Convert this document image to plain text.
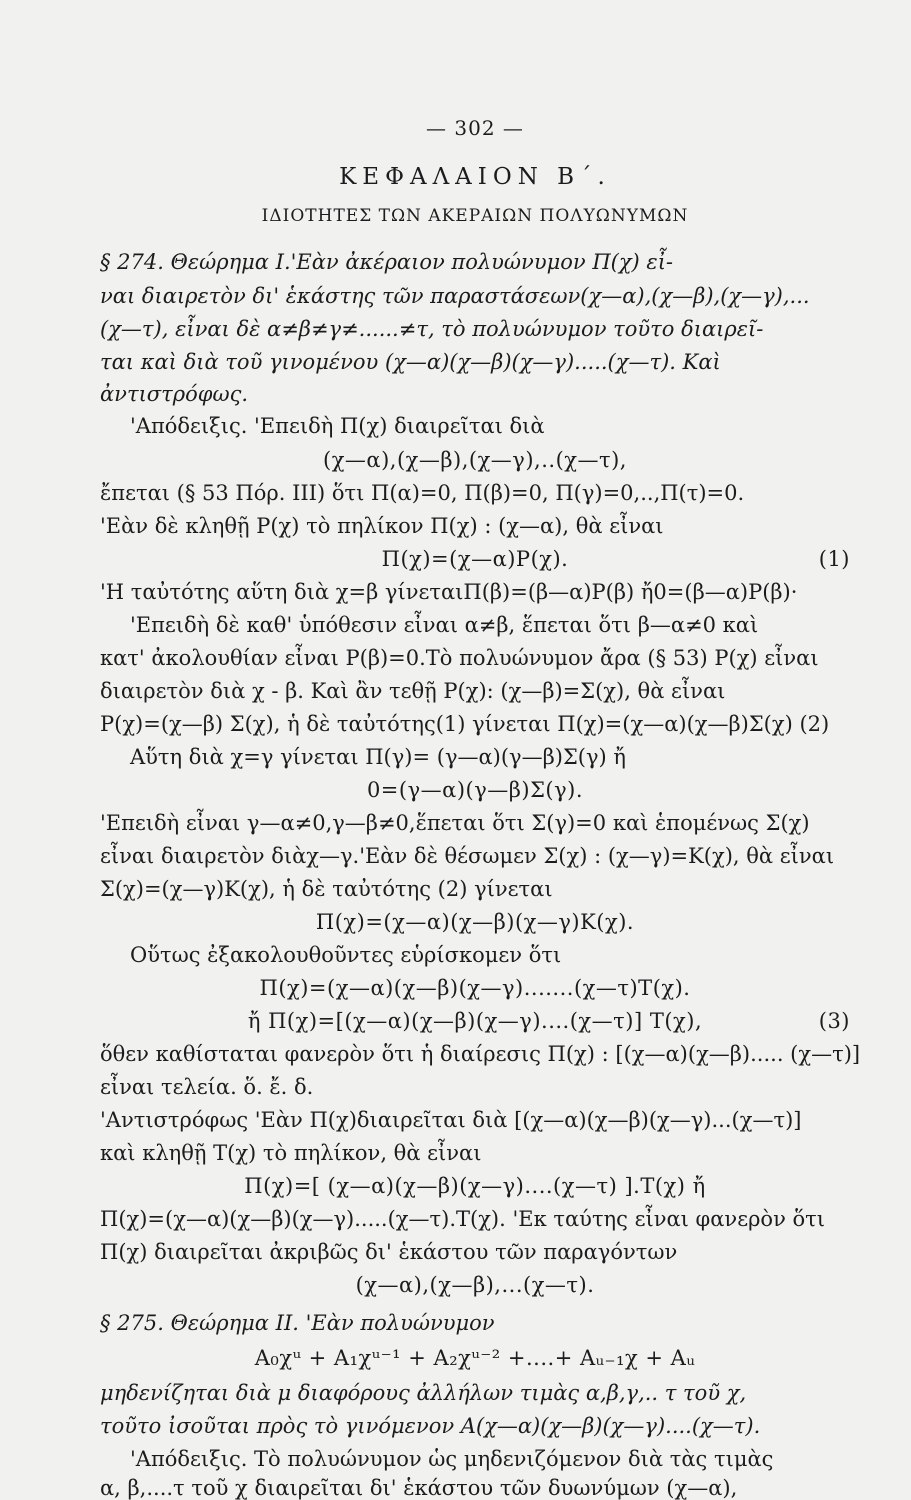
— 302 —
ΚΕΦΑΛΑΙΟΝ Β΄.
ΙΔΙΟΤΗΤΕΣ ΤΩΝ ΑΚΕΡΑΙΩΝ ΠΟΛΥΩΝΥΜΩΝ
§ 274. Θεώρημα Ι.'Εὰν ἀκέραιον πολυώνυμον Π(χ) εἶ-
ναι διαιρετὸν δι' ἑκάστης τῶν παραστάσεων(χ—α),(χ—β),(χ—γ),...
(χ—τ), εἶναι δὲ α≠β≠γ≠......≠τ, τὸ πολυώνυμον τοῦτο διαιρεῖ-
ται καὶ διὰ τοῦ γινομένου (χ—α)(χ—β)(χ—γ).....(χ—τ). Καὶ
ἀντιστρόφως.
'Απόδειξις. 'Επειδὴ Π(χ) διαιρεῖται διὰ
(χ—α),(χ—β),(χ—γ),..(χ—τ),
ἔπεται (§ 53 Πόρ. ΙΙΙ) ὅτι Π(α)=0, Π(β)=0, Π(γ)=0,..,Π(τ)=0.
'Εὰν δὲ κληθῇ Ρ(χ) τὸ πηλίκον Π(χ) : (χ—α), θὰ εἶναι
Π(χ)=(χ—α)Ρ(χ).	(1)
'Η ταὐτότης αὕτη διὰ χ=β γίνεταιΠ(β)=(β—α)Ρ(β) ἤ0=(β—α)Ρ(β)·
'Επειδὴ δὲ καθ' ὑπόθεσιν εἶναι α≠β, ἕπεται ὅτι β—α≠0 καὶ
κατ' ἀκολουθίαν εἶναι Ρ(β)=0.Τὸ πολυώνυμον ἄρα (§ 53) Ρ(χ) εἶναι
διαιρετὸν διὰ χ - β. Καὶ ἂν τεθῇ Ρ(χ): (χ—β)=Σ(χ), θὰ εἶναι
Ρ(χ)=(χ—β) Σ(χ), ἡ δὲ ταὐτότης(1) γίνεται Π(χ)=(χ—α)(χ—β)Σ(χ) (2)
Αὕτη διὰ χ=γ γίνεται Π(γ)= (γ—α)(γ—β)Σ(γ) ἤ
0=(γ—α)(γ—β)Σ(γ).
'Επειδὴ εἶναι γ—α≠0,γ—β≠0,ἕπεται ὅτι Σ(γ)=0 καὶ ἑπομένως Σ(χ)
εἶναι διαιρετὸν διὰχ—γ.'Εὰν δὲ θέσωμεν Σ(χ) : (χ—γ)=Κ(χ), θὰ εἶναι
Σ(χ)=(χ—γ)Κ(χ), ἡ δὲ ταὐτότης (2) γίνεται
Π(χ)=(χ—α)(χ—β)(χ—γ)Κ(χ).
Οὕτως ἐξακολουθοῦντες εὑρίσκομεν ὅτι
Π(χ)=(χ—α)(χ—β)(χ—γ).......(χ—τ)Τ(χ).
ἤ Π(χ)=[(χ—α)(χ—β)(χ—γ)....(χ—τ)] Τ(χ),	(3)
ὅθεν καθίσταται φανερὸν ὅτι ἡ διαίρεσις Π(χ) : [(χ—α)(χ—β)..... (χ—τ)]
εἶναι τελεία. ὅ. ἔ. δ.
'Αντιστρόφως 'Εὰν Π(χ)διαιρεῖται διὰ [(χ—α)(χ—β)(χ—γ)...(χ—τ)]
καὶ κληθῇ Τ(χ) τὸ πηλίκον, θὰ εἶναι
Π(χ)=[ (χ—α)(χ—β)(χ—γ)....(χ—τ) ].Τ(χ) ἤ
Π(χ)=(χ—α)(χ—β)(χ—γ).....(χ—τ).Τ(χ). 'Εκ ταύτης εἶναι φανερὸν ὅτι
Π(χ) διαιρεῖται ἀκριβῶς δι' ἑκάστου τῶν παραγόντων
(χ—α),(χ—β),...(χ—τ).
§ 275. Θεώρημα ΙΙ. 'Εὰν πολυώνυμον
Α₀χᵘ + Α₁χᵘ⁻¹ + Α₂χᵘ⁻² +....+ Αᵤ₋₁χ + Αᵤ
μηδενίζηται διὰ μ διαφόρους ἀλλήλων τιμὰς α,β,γ,.. τ τοῦ χ,
τοῦτο ἰσοῦται πρὸς τὸ γινόμενον Α(χ—α)(χ—β)(χ—γ)....(χ—τ).
'Απόδειξις. Τὸ πολυώνυμον ὡς μηδενιζόμενον διὰ τὰς τιμὰς
α, β,....τ τοῦ χ διαιρεῖται δι' ἑκάστου τῶν δυωνύμων (χ—α),
